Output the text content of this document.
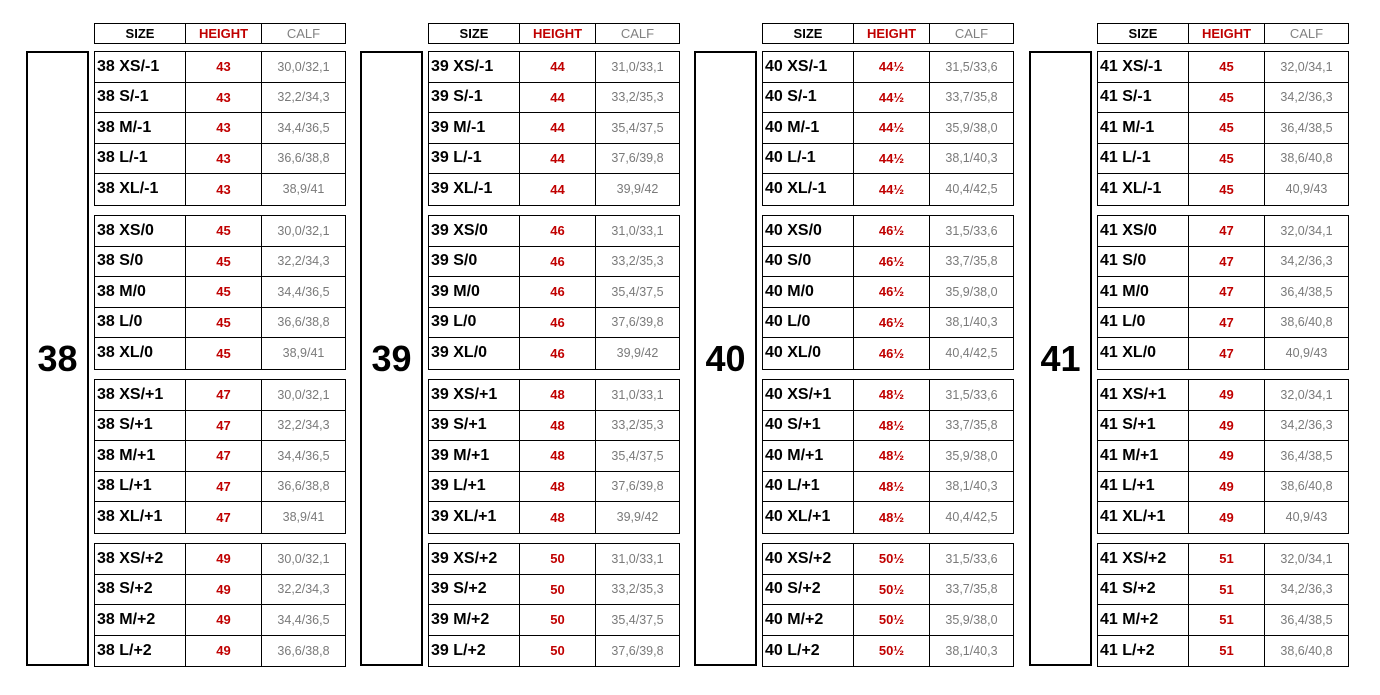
SIZE	HEIGHT	CALF
38
38 XS/-1	43	30,0/32,1
38 S/-1	43	32,2/34,3
38 M/-1	43	34,4/36,5
38 L/-1	43	36,6/38,8
38 XL/-1	43	38,9/41
38 XS/0	45	30,0/32,1
38 S/0	45	32,2/34,3
38 M/0	45	34,4/36,5
38 L/0	45	36,6/38,8
38 XL/0	45	38,9/41
38 XS/+1	47	30,0/32,1
38 S/+1	47	32,2/34,3
38 M/+1	47	34,4/36,5
38 L/+1	47	36,6/38,8
38 XL/+1	47	38,9/41
38 XS/+2	49	30,0/32,1
38 S/+2	49	32,2/34,3
38 M/+2	49	34,4/36,5
38 L/+2	49	36,6/38,8
SIZE	HEIGHT	CALF
39
39 XS/-1	44	31,0/33,1
39 S/-1	44	33,2/35,3
39 M/-1	44	35,4/37,5
39 L/-1	44	37,6/39,8
39 XL/-1	44	39,9/42
39 XS/0	46	31,0/33,1
39 S/0	46	33,2/35,3
39 M/0	46	35,4/37,5
39 L/0	46	37,6/39,8
39 XL/0	46	39,9/42
39 XS/+1	48	31,0/33,1
39 S/+1	48	33,2/35,3
39 M/+1	48	35,4/37,5
39 L/+1	48	37,6/39,8
39 XL/+1	48	39,9/42
39 XS/+2	50	31,0/33,1
39 S/+2	50	33,2/35,3
39 M/+2	50	35,4/37,5
39 L/+2	50	37,6/39,8
SIZE	HEIGHT	CALF
40
40 XS/-1	44½	31,5/33,6
40 S/-1	44½	33,7/35,8
40 M/-1	44½	35,9/38,0
40 L/-1	44½	38,1/40,3
40 XL/-1	44½	40,4/42,5
40 XS/0	46½	31,5/33,6
40 S/0	46½	33,7/35,8
40 M/0	46½	35,9/38,0
40 L/0	46½	38,1/40,3
40 XL/0	46½	40,4/42,5
40 XS/+1	48½	31,5/33,6
40 S/+1	48½	33,7/35,8
40 M/+1	48½	35,9/38,0
40 L/+1	48½	38,1/40,3
40 XL/+1	48½	40,4/42,5
40 XS/+2	50½	31,5/33,6
40 S/+2	50½	33,7/35,8
40 M/+2	50½	35,9/38,0
40 L/+2	50½	38,1/40,3
SIZE	HEIGHT	CALF
41
41 XS/-1	45	32,0/34,1
41 S/-1	45	34,2/36,3
41 M/-1	45	36,4/38,5
41 L/-1	45	38,6/40,8
41 XL/-1	45	40,9/43
41 XS/0	47	32,0/34,1
41 S/0	47	34,2/36,3
41 M/0	47	36,4/38,5
41 L/0	47	38,6/40,8
41 XL/0	47	40,9/43
41 XS/+1	49	32,0/34,1
41 S/+1	49	34,2/36,3
41 M/+1	49	36,4/38,5
41 L/+1	49	38,6/40,8
41 XL/+1	49	40,9/43
41 XS/+2	51	32,0/34,1
41 S/+2	51	34,2/36,3
41 M/+2	51	36,4/38,5
41 L/+2	51	38,6/40,8
